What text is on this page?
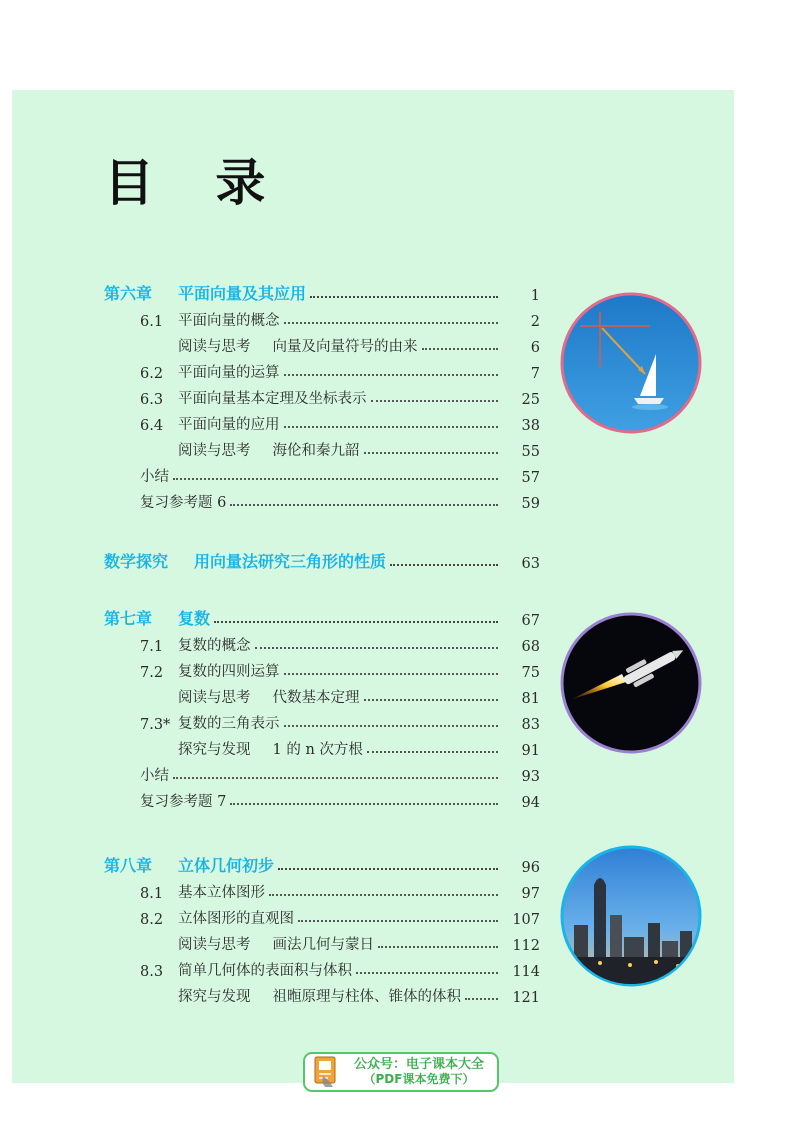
目 录
第六章 平面向量及其应用	1
6.1	平面向量的概念	2
阅读与思考 向量及向量符号的由来	6
6.2	平面向量的运算	7
6.3	平面向量基本定理及坐标表示	25
6.4	平面向量的应用	38
阅读与思考 海伦和秦九韶	55
小结	57
复习参考题 6	59
数学探究 用向量法研究三角形的性质	63
第七章 复数	67
7.1	复数的概念	68
7.2	复数的四则运算	75
阅读与思考 代数基本定理	81
7.3* 复数的三角表示	83
探究与发现 1 的 n 次方根	91
小结	93
复习参考题 7	94
第八章 立体几何初步	96
8.1	基本立体图形	97
8.2	立体图形的直观图	107
阅读与思考 画法几何与蒙日	112
8.3	简单几何体的表面积与体积	114
探究与发现 祖暅原理与柱体、锥体的体积	121
公众号：电子课本大全
（PDF课本免费下）
